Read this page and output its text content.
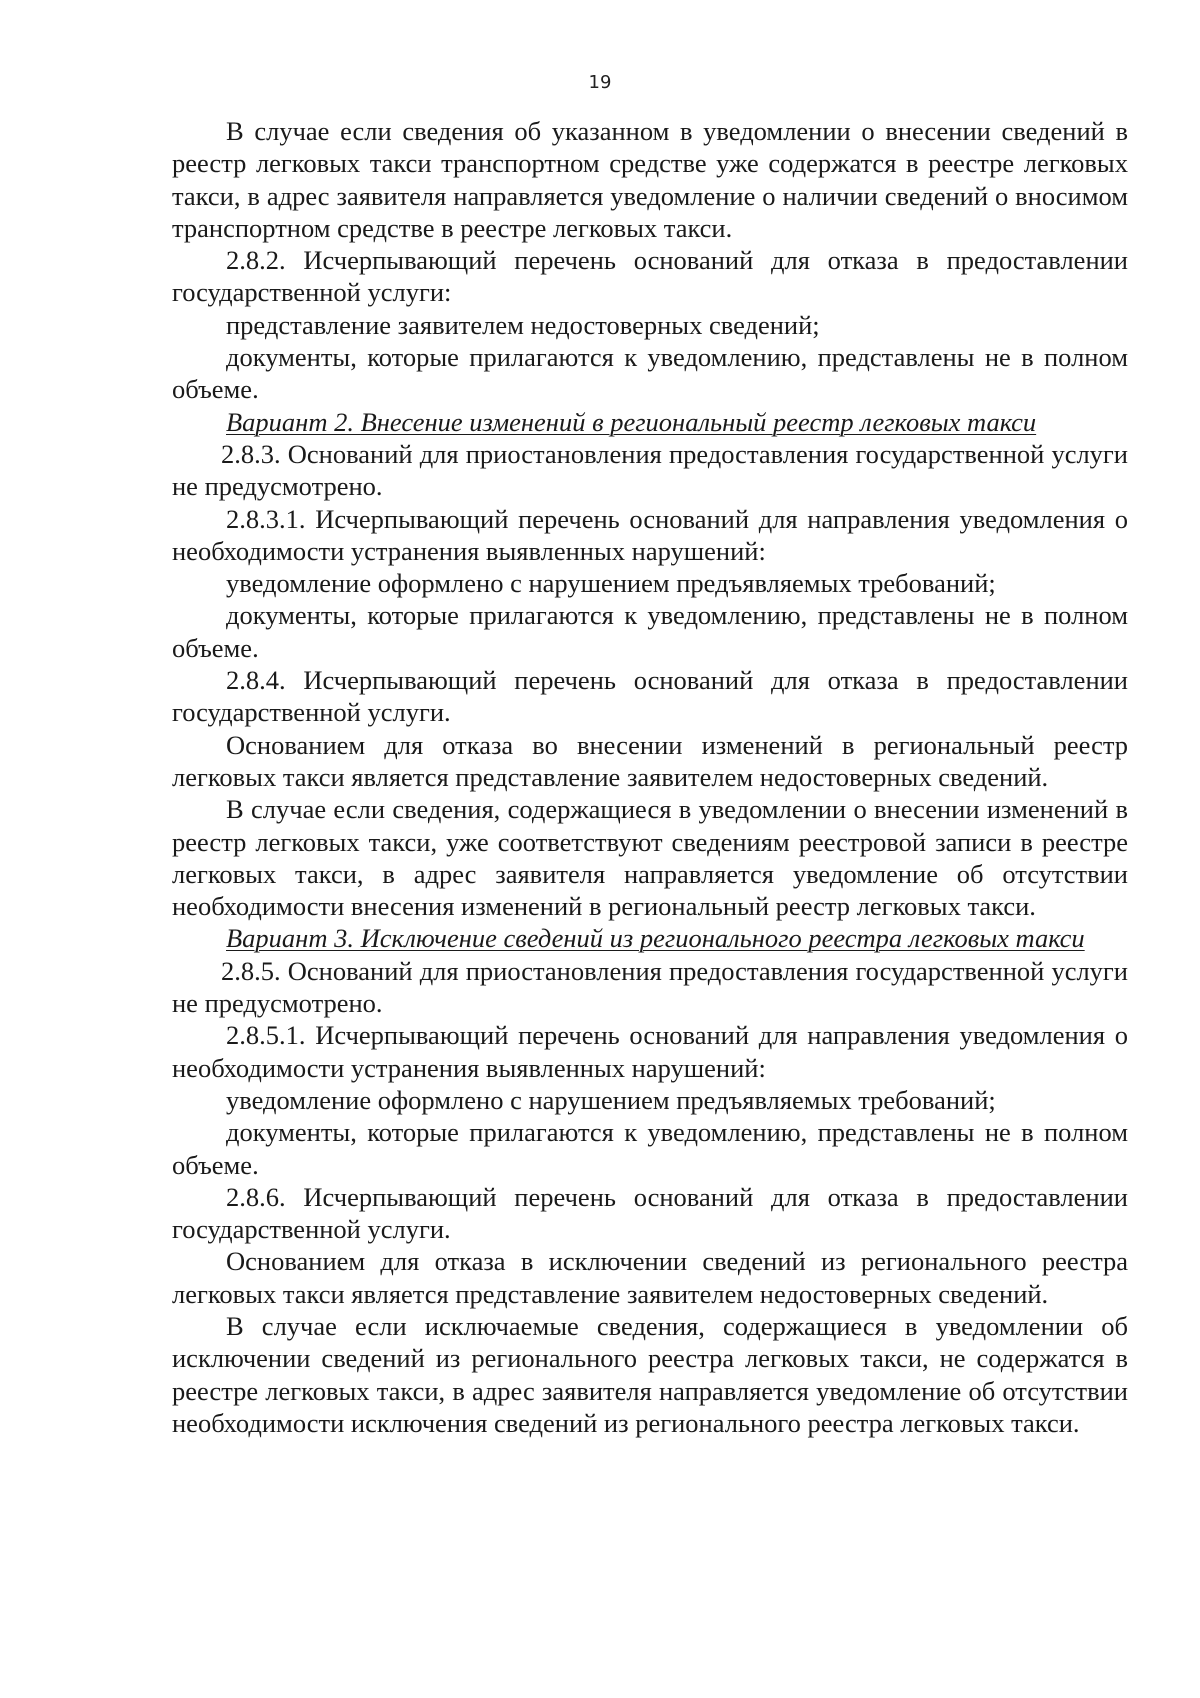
19

В случае если сведения об указанном в уведомлении о внесении сведений в реестр легковых такси транспортном средстве уже содержатся в реестре легковых такси, в адрес заявителя направляется уведомление о наличии сведений о вносимом транспортном средстве в реестре легковых такси.

2.8.2. Исчерпывающий перечень оснований для отказа в предоставлении государственной услуги:

представление заявителем недостоверных сведений;

документы, которые прилагаются к уведомлению, представлены не в полном объеме.

Вариант 2. Внесение изменений в региональный реестр легковых такси

2.8.3. Оснований для приостановления предоставления государственной услуги не предусмотрено.

2.8.3.1. Исчерпывающий перечень оснований для направления уведомления о необходимости устранения выявленных нарушений:

уведомление оформлено с нарушением предъявляемых требований;

документы, которые прилагаются к уведомлению, представлены не в полном объеме.

2.8.4. Исчерпывающий перечень оснований для отказа в предоставлении государственной услуги.

Основанием для отказа во внесении изменений в региональный реестр легковых такси является представление заявителем недостоверных сведений.

В случае если сведения, содержащиеся в уведомлении о внесении изменений в реестр легковых такси, уже соответствуют сведениям реестровой записи в реестре легковых такси, в адрес заявителя направляется уведомление об отсутствии необходимости внесения изменений в региональный реестр легковых такси.

Вариант 3. Исключение сведений из регионального реестра легковых такси

2.8.5. Оснований для приостановления предоставления государственной услуги не предусмотрено.

2.8.5.1. Исчерпывающий перечень оснований для направления уведомления о необходимости устранения выявленных нарушений:

уведомление оформлено с нарушением предъявляемых требований;

документы, которые прилагаются к уведомлению, представлены не в полном объеме.

2.8.6. Исчерпывающий перечень оснований для отказа в предоставлении государственной услуги.

Основанием для отказа в исключении сведений из регионального реестра легковых такси является представление заявителем недостоверных сведений.

В случае если исключаемые сведения, содержащиеся в уведомлении об исключении сведений из регионального реестра легковых такси, не содержатся в реестре легковых такси, в адрес заявителя направляется уведомление об отсутствии необходимости исключения сведений из регионального реестра легковых такси.
